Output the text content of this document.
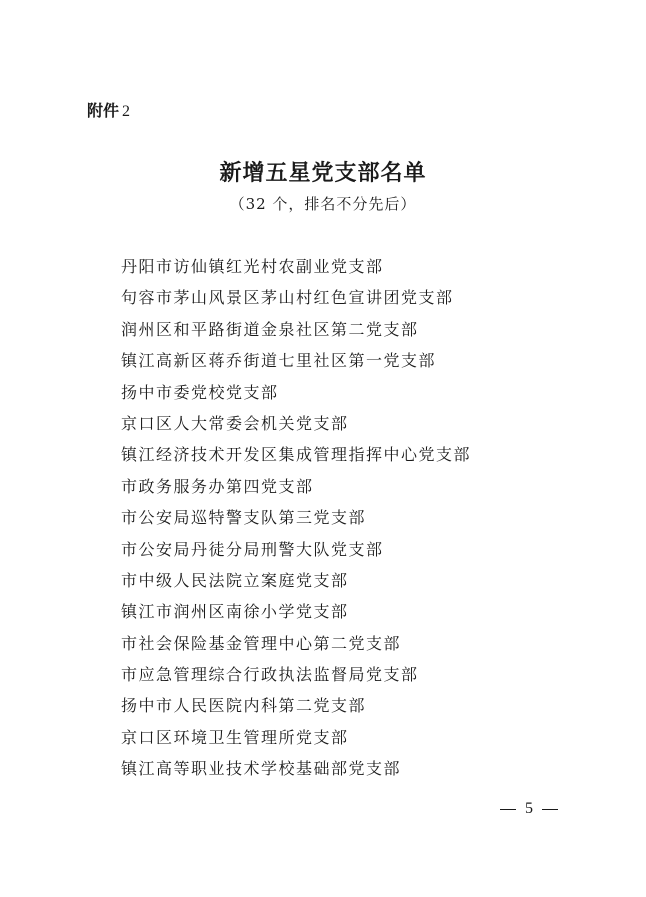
附件 2
新增五星党支部名单
（32 个，排名不分先后）
丹阳市访仙镇红光村农副业党支部
句容市茅山风景区茅山村红色宣讲团党支部
润州区和平路街道金泉社区第二党支部
镇江高新区蒋乔街道七里社区第一党支部
扬中市委党校党支部
京口区人大常委会机关党支部
镇江经济技术开发区集成管理指挥中心党支部
市政务服务办第四党支部
市公安局巡特警支队第三党支部
市公安局丹徒分局刑警大队党支部
市中级人民法院立案庭党支部
镇江市润州区南徐小学党支部
市社会保险基金管理中心第二党支部
市应急管理综合行政执法监督局党支部
扬中市人民医院内科第二党支部
京口区环境卫生管理所党支部
镇江高等职业技术学校基础部党支部
5
